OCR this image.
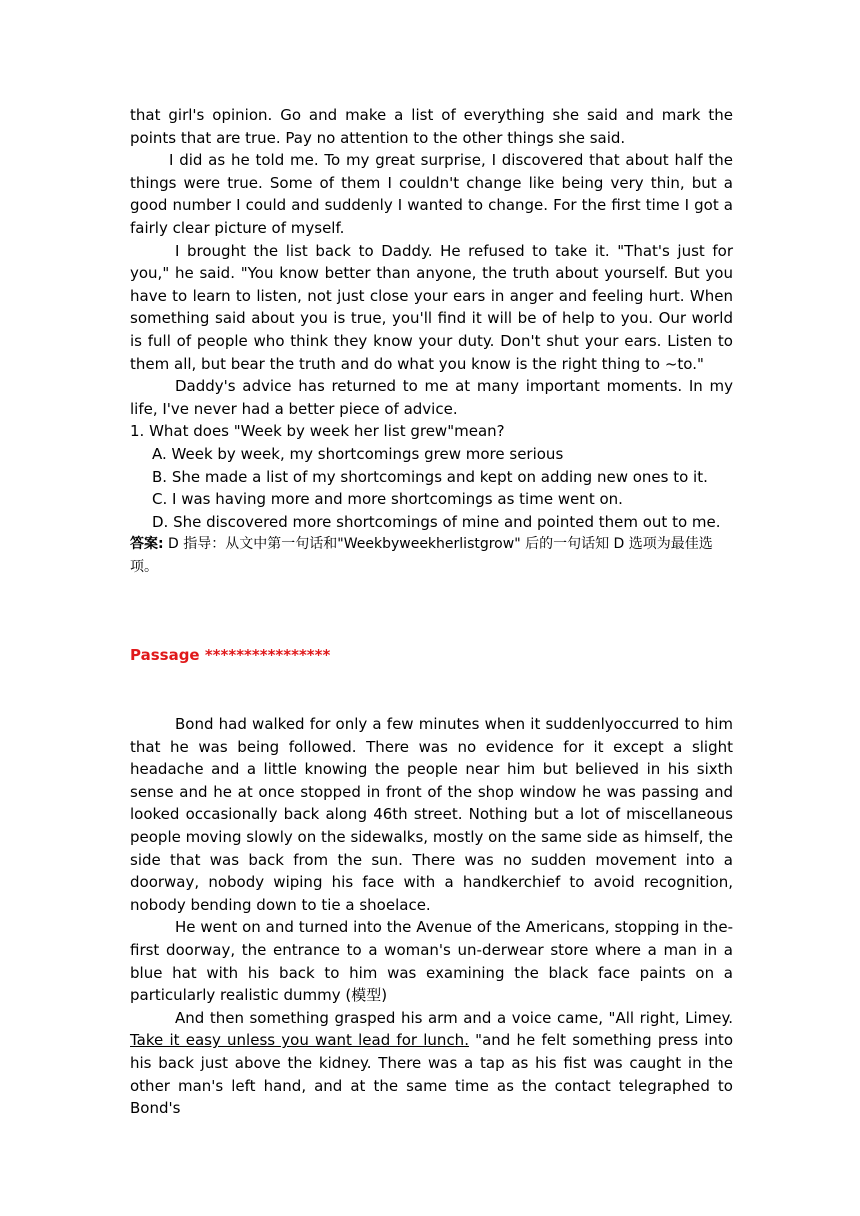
that girl's opinion. Go and make a list of everything she said and mark the points that are true. Pay no attention to the other things she said.

I did as he told me. To my great surprise, I discovered that about half the things were true. Some of them I couldn't change like being very thin, but a good number I could and suddenly I wanted to change. For the first time I got a fairly clear picture of myself.

I brought the list back to Daddy. He refused to take it. "That's just for you," he said. "You know better than anyone, the truth about yourself. But you have to learn to listen, not just close your ears in anger and feeling hurt. When something said about you is true, you'll find it will be of help to you. Our world is full of people who think they know your duty. Don't shut your ears. Listen to them all, but bear the truth and do what you know is the right thing to ~to."

Daddy's advice has returned to me at many important moments. In my life, I've never had a better piece of advice.

1. What does "Week by week her list grew"mean?

A. Week by week, my shortcomings grew more serious

B. She made a list of my shortcomings and kept on adding new ones to it.

C. I was having more and more shortcomings as time went on.

D. She discovered more shortcomings of mine and pointed them out to me.

答案: D 指导：从文中第一句话和"Weekbyweekherlistgrow" 后的一句话知 D 选项为最佳选项。

Passage ****************

Bond had walked for only a few minutes when it suddenlyoccurred to him that he was being followed. There was no evidence for it except a slight headache and a little knowing the people near him but believed in his sixth sense and he at once stopped in front of the shop window he was passing and looked occasionally back along 46th street. Nothing but a lot of miscellaneous people moving slowly on the sidewalks, mostly on the same side as himself, the side that was back from the sun. There was no sudden movement into a doorway, nobody wiping his face with a handkerchief to avoid recognition, nobody bending down to tie a shoelace.

He went on and turned into the Avenue of the Americans, stopping in the-first doorway, the entrance to a woman's un-derwear store where a man in a blue hat with his back to him was examining the black face paints on a particularly realistic dummy (模型)

And then something grasped his arm and a voice came, "All right, Limey. Take it easy unless you want lead for lunch. "and he felt something press into his back just above the kidney. There was a tap as his fist was caught in the other man's left hand, and at the same time as the contact telegraphed to Bond's
